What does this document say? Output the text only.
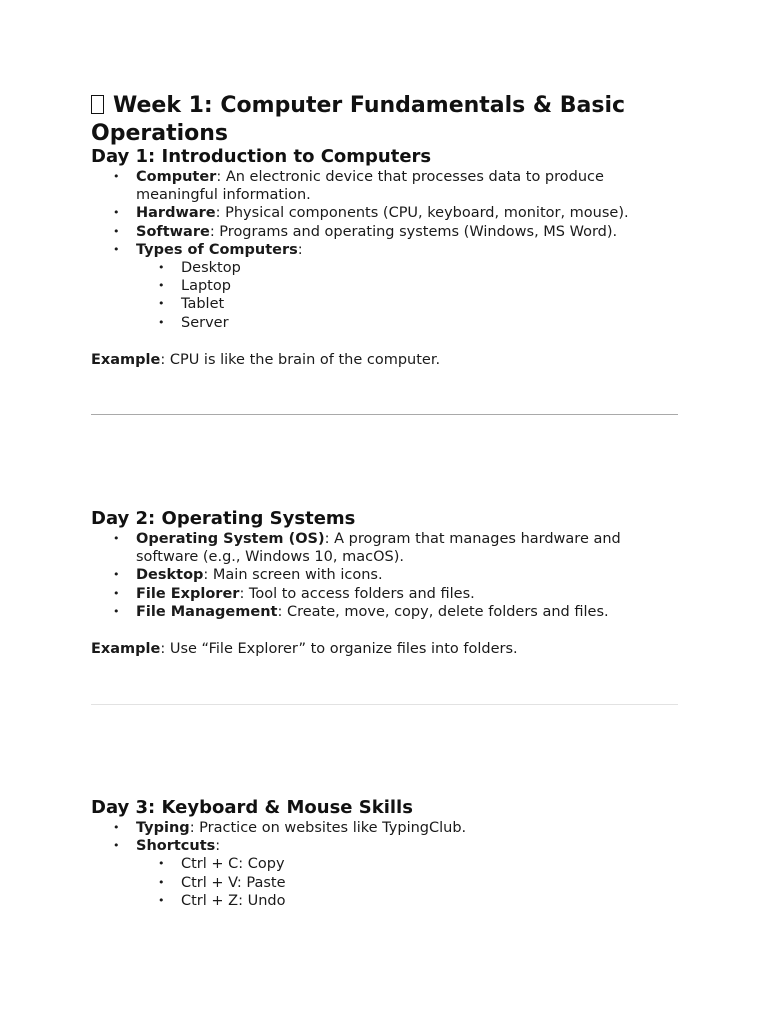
Week 1: Computer Fundamentals & Basic Operations
Day 1: Introduction to Computers
• Computer: An electronic device that processes data to produce meaningful information.
• Hardware: Physical components (CPU, keyboard, monitor, mouse).
• Software: Programs and operating systems (Windows, MS Word).
• Types of Computers:
• Desktop
• Laptop
• Tablet
• Server
Example: CPU is like the brain of the computer.
Day 2: Operating Systems
• Operating System (OS): A program that manages hardware and software (e.g., Windows 10, macOS).
• Desktop: Main screen with icons.
• File Explorer: Tool to access folders and files.
• File Management: Create, move, copy, delete folders and files.
Example: Use “File Explorer” to organize files into folders.
Day 3: Keyboard & Mouse Skills
• Typing: Practice on websites like TypingClub.
• Shortcuts:
• Ctrl + C: Copy
• Ctrl + V: Paste
• Ctrl + Z: Undo
